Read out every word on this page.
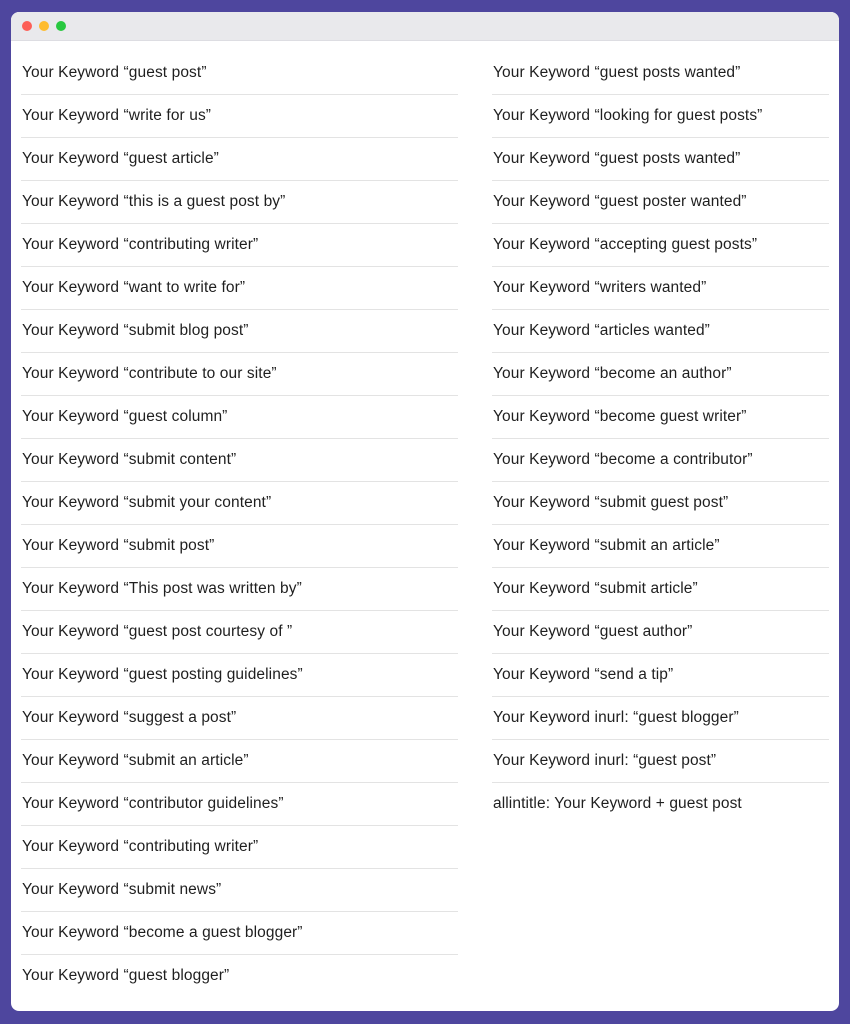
Your Keyword “guest post”
Your Keyword “write for us”
Your Keyword “guest article”
Your Keyword “this is a guest post by”
Your Keyword “contributing writer”
Your Keyword “want to write for”
Your Keyword “submit blog post”
Your Keyword “contribute to our site”
Your Keyword “guest column”
Your Keyword “submit content”
Your Keyword “submit your content”
Your Keyword “submit post”
Your Keyword “This post was written by”
Your Keyword “guest post courtesy of ”
Your Keyword “guest posting guidelines”
Your Keyword “suggest a post”
Your Keyword “submit an article”
Your Keyword “contributor guidelines”
Your Keyword “contributing writer”
Your Keyword “submit news”
Your Keyword “become a guest blogger”
Your Keyword “guest blogger”
Your Keyword “guest posts wanted”
Your Keyword “looking for guest posts”
Your Keyword “guest posts wanted”
Your Keyword “guest poster wanted”
Your Keyword “accepting guest posts”
Your Keyword “writers wanted”
Your Keyword “articles wanted”
Your Keyword “become an author”
Your Keyword “become guest writer”
Your Keyword “become a contributor”
Your Keyword “submit guest post”
Your Keyword “submit an article”
Your Keyword “submit article”
Your Keyword “guest author”
Your Keyword “send a tip”
Your Keyword inurl: “guest blogger”
Your Keyword inurl: “guest post”
allintitle: Your Keyword + guest post
